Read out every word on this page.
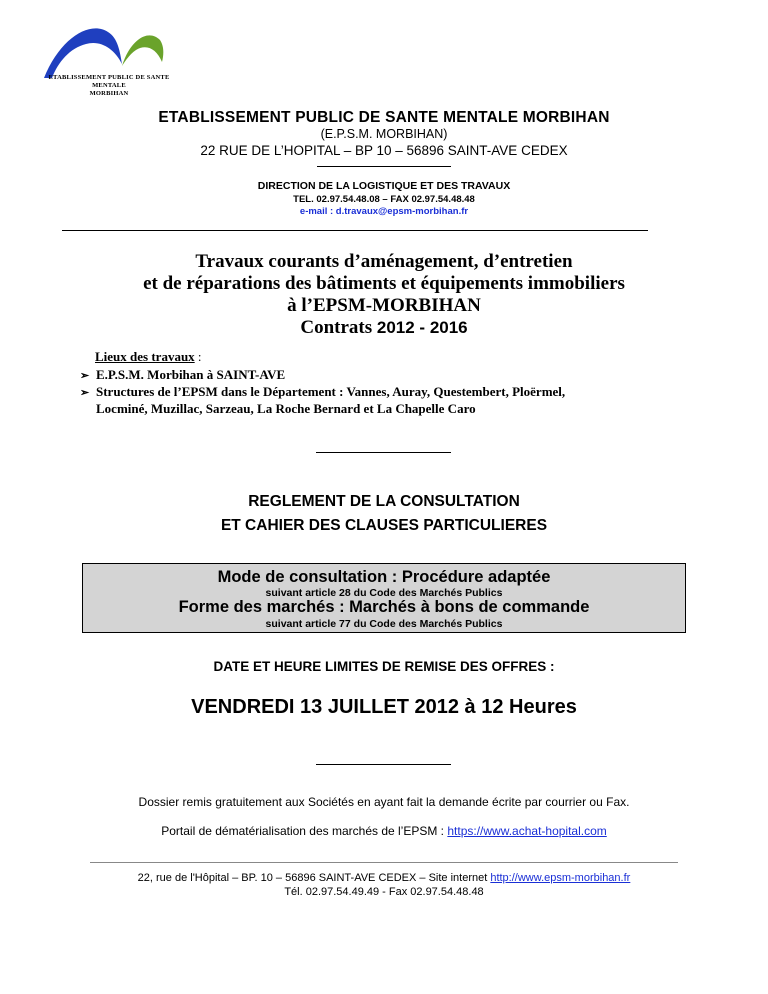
ETABLISSEMENT PUBLIC DE SANTE MENTALE
MORBIHAN
ETABLISSEMENT PUBLIC DE SANTE MENTALE MORBIHAN
(E.P.S.M. MORBIHAN)
22 RUE DE L’HOPITAL – BP 10 – 56896 SAINT-AVE CEDEX
DIRECTION DE LA LOGISTIQUE ET DES TRAVAUX
TEL. 02.97.54.48.08 – FAX 02.97.54.48.48
e-mail : d.travaux@epsm-morbihan.fr
Travaux courants d’aménagement, d’entretien
et de réparations des bâtiments et équipements immobiliers
à l’EPSM-MORBIHAN
Contrats 2012 - 2016
Lieux des travaux :
➢ E.P.S.M. Morbihan à SAINT-AVE
➢ Structures de l’EPSM dans le Département : Vannes, Auray, Questembert, Ploërmel,
Locminé, Muzillac, Sarzeau, La Roche Bernard et La Chapelle Caro
REGLEMENT DE LA CONSULTATION
ET CAHIER DES CLAUSES PARTICULIERES
Mode de consultation : Procédure adaptée
suivant article 28 du Code des Marchés Publics
Forme des marchés : Marchés à bons de commande
suivant article 77 du Code des Marchés Publics
DATE ET HEURE LIMITES DE REMISE DES OFFRES :
VENDREDI 13 JUILLET 2012 à 12 Heures
Dossier remis gratuitement aux Sociétés en ayant fait la demande écrite par courrier ou Fax.
Portail de dématérialisation des marchés de l’EPSM : https://www.achat-hopital.com
22, rue de l'Hôpital – BP. 10 – 56896 SAINT-AVE CEDEX – Site internet http://www.epsm-morbihan.fr
Tél. 02.97.54.49.49 - Fax 02.97.54.48.48
